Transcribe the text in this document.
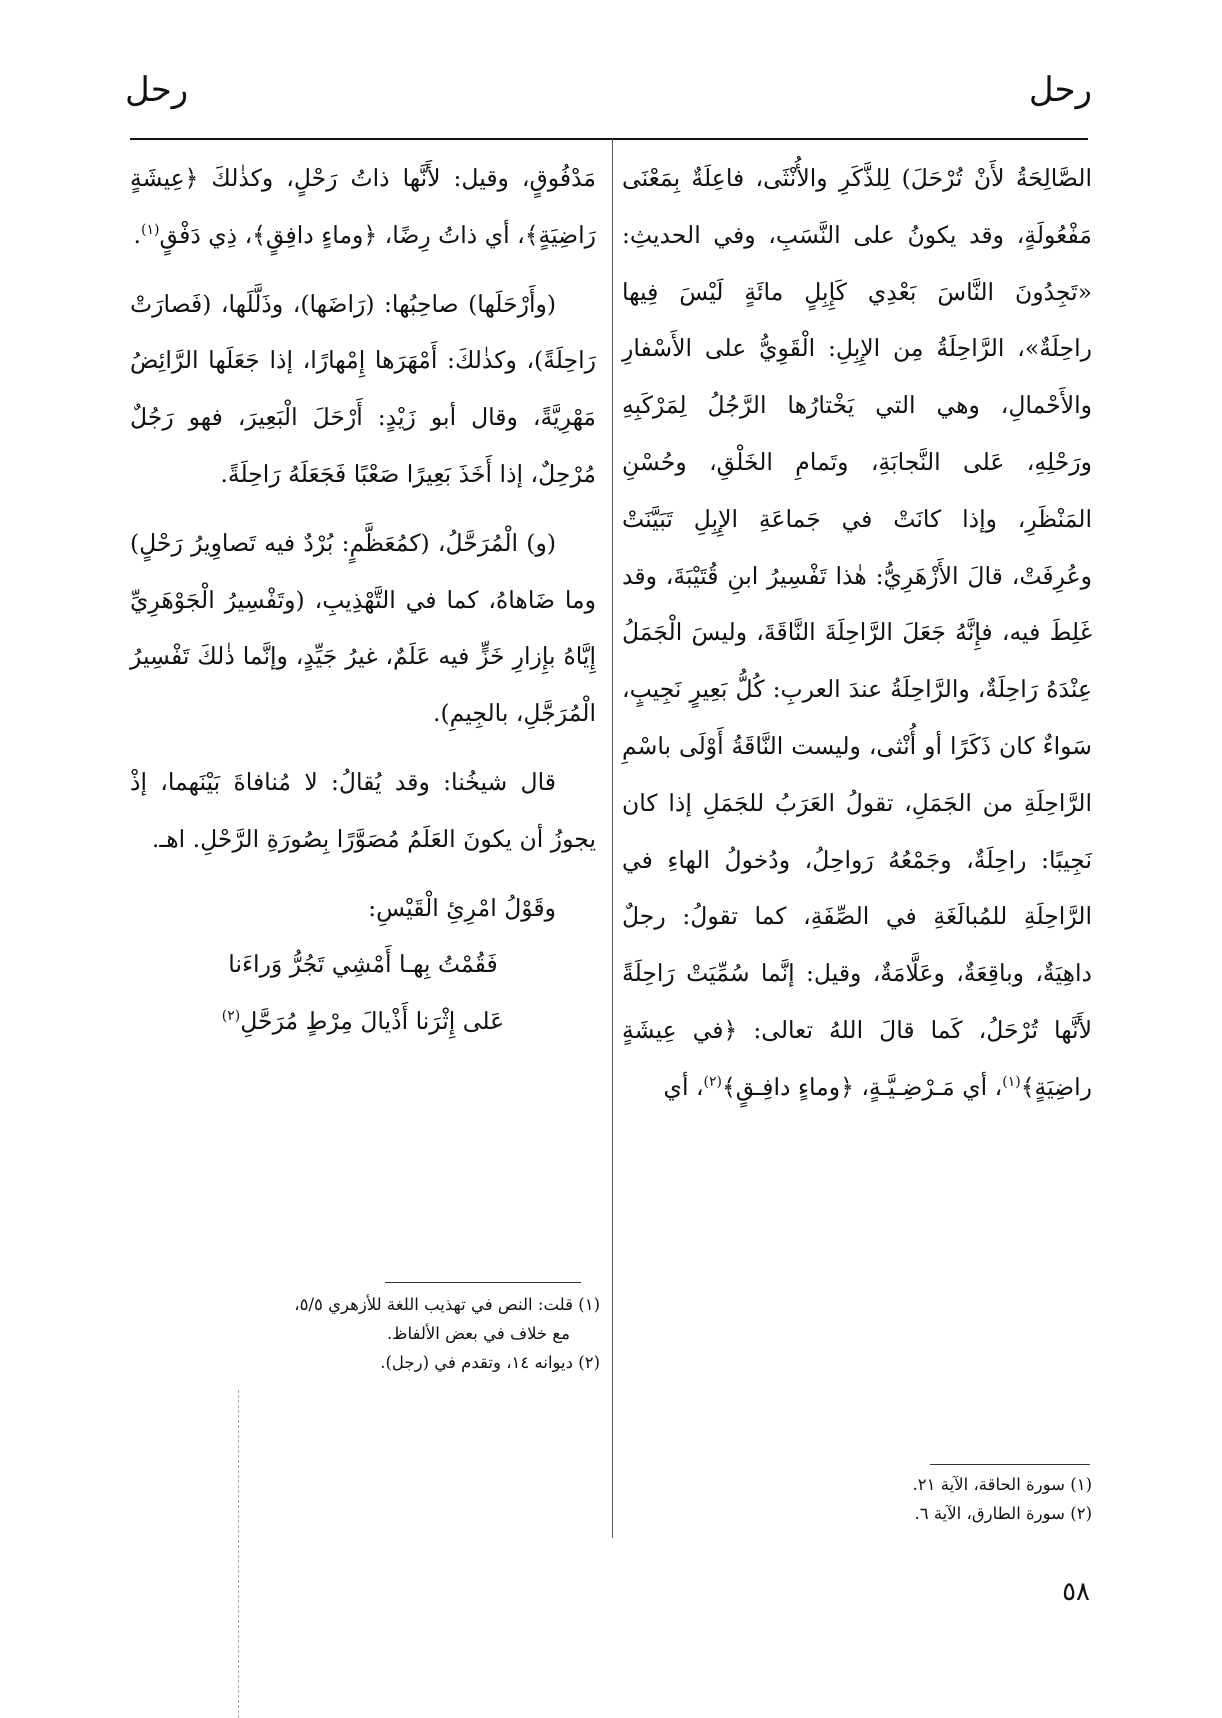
رحل
رحل

الصَّالِحَةُ لأَنْ تُرْحَلَ) لِلذَّكَرِ والأُنْثَى، فاعِلَةٌ بِمَعْنَى مَفْعُولَةٍ، وقد يكونُ على النَّسَبِ، وفي الحديثِ: «تَجِدُونَ النَّاسَ بَعْدِي كَإِبِلٍ مائَةٍ لَيْسَ فِيها راحِلَةٌ»، الرَّاحِلَةُ مِن الإِبِلِ: الْقَوِيُّ على الأَسْفارِ والأَحْمالِ، وهي التي يَخْتارُها الرَّجُلُ لِمَرْكَبِهِ ورَحْلِهِ، عَلى النَّجابَةِ، وتَمامِ الخَلْقِ، وحُسْنِ المَنْظَرِ، وإذا كانَتْ في جَماعَةِ الإِبِلِ تَبَيَّنَتْ وعُرِفَتْ، قالَ الأَزْهَرِيُّ: هٰذا تَفْسِيرُ ابنِ قُتَيْبَةَ، وقد غَلِطَ فيه، فإِنَّهُ جَعَلَ الرَّاحِلَةَ النَّاقَةَ، وليسَ الْجَمَلُ عِنْدَهُ رَاحِلَةٌ، والرَّاحِلَةُ عندَ العربِ: كُلُّ بَعِيرٍ نَجِيبٍ، سَواءٌ كان ذَكَرًا أو أُنْثى، وليست النَّاقَةُ أَوْلَى باسْمِ الرَّاحِلَةِ من الجَمَلِ، تقولُ العَرَبُ للجَمَلِ إذا كان نَجِيبًا: راحِلَةٌ، وجَمْعُهُ رَواحِلُ، ودُخولُ الهاءِ في الرَّاحِلَةِ للمُبالَغَةِ في الصِّفَةِ، كما تقولُ: رجلٌ داهِيَةٌ، وباقِعَةٌ، وعَلَّامَةٌ، وقيل: إنَّما سُمِّيَتْ رَاحِلَةً لأَنَّها تُرْحَلُ، كَما قالَ اللهُ تعالى: ﴿في عِيشَةٍ راضِيَةٍ﴾$^{(١)}$، أي مَـرْضِـيَّـةٍ، ﴿وماءٍ دافِـقٍ﴾$^{(٢)}$، أي

(١) سورة الحاقة، الآية ٢١.
(٢) سورة الطارق، الآية ٦.

مَدْفُوقٍ، وقيل: لأَنَّها ذاتُ رَحْلٍ، وكذٰلكَ ﴿عِيشَةٍ رَاضِيَةٍ﴾، أي ذاتُ رِضًا، ﴿وماءٍ دافِقٍ﴾، ذِي دَفْقٍ$^{(١)}$.

(وأَرْحَلَها) صاحِبُها: (رَاضَها)، وذَلَّلَها، (فَصارَتْ رَاحِلَةً)، وكذٰلكَ: أَمْهَرَها إِمْهارًا، إذا جَعَلَها الرَّائِضُ مَهْرِيَّةً، وقال أبو زَيْدٍ: أَرْحَلَ الْبَعِيرَ، فهو رَجُلٌ مُرْحِلٌ، إذا أَخَذَ بَعِيرًا صَعْبًا فَجَعَلَهُ رَاحِلَةً.

(و) الْمُرَحَّلُ، (كمُعَظَّمٍ: بُرْدٌ فيه تَصاوِيرُ رَحْلٍ) وما ضَاهاهُ، كما في التَّهْذِيبِ، (وتَفْسِيرُ الْجَوْهَرِيِّ إِيَّاهُ بإِزارِ خَزٍّ فيه عَلَمٌ، غيرُ جَيِّدٍ، وإنَّما ذٰلكَ تَفْسِيرُ الْمُرَجَّلِ، بالجِيمِ).

قال شيخُنا: وقد يُقالُ: لا مُنافاةَ بَيْنَهما، إذْ يجوزُ أن يكونَ العَلَمُ مُصَوَّرًا بِصُورَةِ الرَّحْلِ. اهـ.

وقَوْلُ امْرِئِ الْقَيْسِ:

فَقُمْتُ بِهـا أَمْشِي تَجُرُّ وَراءَنا

عَلى إِثْرَنا أَذْيالَ مِرْطٍ مُرَحَّلِ$^{(٢)}$

(١) قلت: النص في تهذيب اللغة للأزهري ٥/٥،
مع خلاف في بعض الألفاظ.
(٢) ديوانه ١٤، وتقدم في (رجل).
٥٨
